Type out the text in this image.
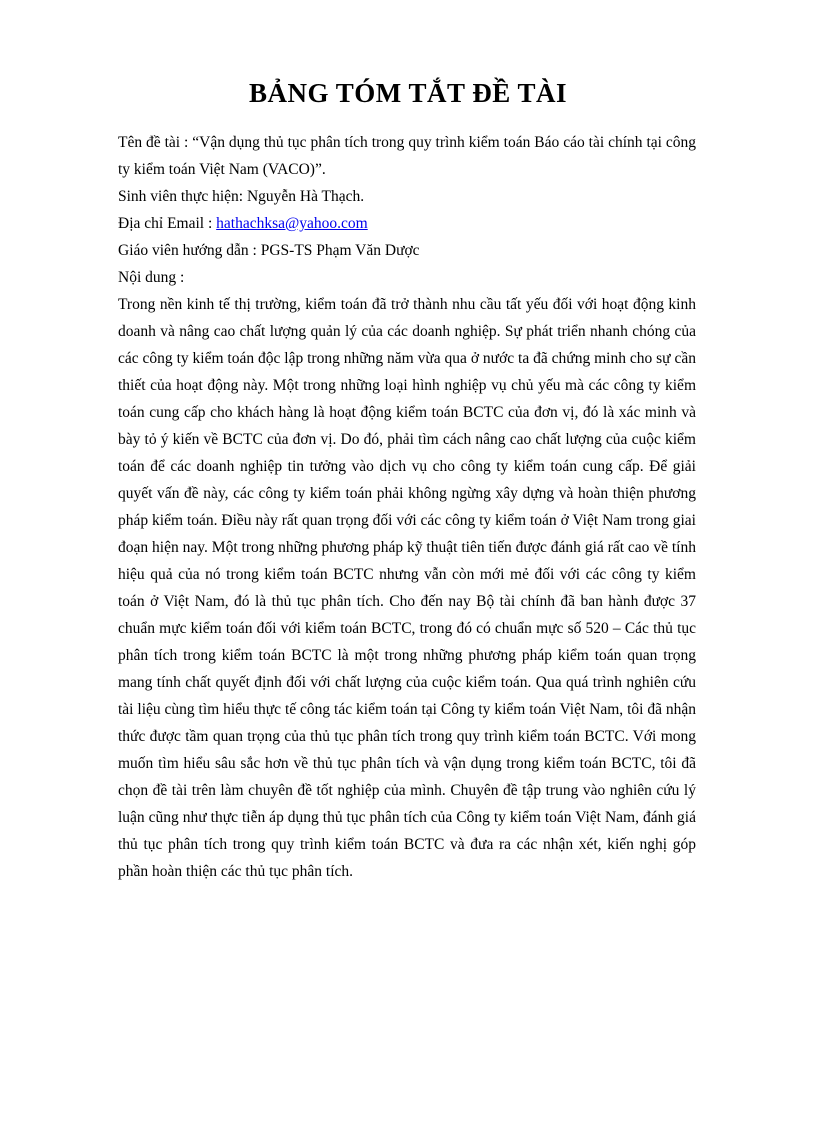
BẢNG TÓM TẮT ĐỀ TÀI

Tên đề tài : “Vận dụng thủ tục phân tích trong quy trình kiểm toán Báo cáo tài chính tại công ty kiểm toán Việt Nam (VACO)”.

Sinh viên thực hiện: Nguyễn Hà Thạch.

Địa chỉ Email : hathachksa@yahoo.com

Giáo viên hướng dẫn : PGS-TS Phạm Văn Dược

Nội dung :

Trong nền kinh tế thị trường, kiểm toán đã trở thành nhu cầu tất yếu đối với hoạt động kinh doanh và nâng cao chất lượng quản lý của các doanh nghiệp. Sự phát triển nhanh chóng của các công ty kiểm toán độc lập trong những năm vừa qua ở nước ta đã chứng minh cho sự cần thiết của hoạt động này. Một trong những loại hình nghiệp vụ chủ yếu mà các công ty kiểm toán cung cấp cho khách hàng là hoạt động kiểm toán BCTC của đơn vị, đó là xác minh và bày tỏ ý kiến về BCTC của đơn vị. Do đó, phải tìm cách nâng cao chất lượng của cuộc kiểm toán để các doanh nghiệp tin tưởng vào dịch vụ cho công ty kiểm toán cung cấp. Để giải quyết vấn đề này, các công ty kiểm toán phải không ngừng xây dựng và hoàn thiện phương pháp kiểm toán. Điều này rất quan trọng đối với các công ty kiểm toán ở Việt Nam trong giai đoạn hiện nay. Một trong những phương pháp kỹ thuật tiên tiến được đánh giá rất cao về tính hiệu quả của nó trong kiểm toán BCTC nhưng vẫn còn mới mẻ đối với các công ty kiểm toán ở Việt Nam, đó là thủ tục phân tích. Cho đến nay Bộ tài chính đã ban hành được 37 chuẩn mực kiểm toán đối với kiểm toán BCTC, trong đó có chuẩn mực số 520 – Các thủ tục phân tích trong kiểm toán BCTC là một trong những phương pháp kiểm toán quan trọng mang tính chất quyết định đối với chất lượng của cuộc kiểm toán. Qua quá trình nghiên cứu tài liệu cùng tìm hiểu thực tế công tác kiểm toán tại Công ty kiểm toán Việt Nam, tôi đã nhận thức được tầm quan trọng của thủ tục phân tích trong quy trình kiểm toán BCTC. Với mong muốn tìm hiểu sâu sắc hơn về thủ tục phân tích và vận dụng trong kiểm toán BCTC, tôi đã chọn đề tài trên làm chuyên đề tốt nghiệp của mình. Chuyên đề tập trung vào nghiên cứu lý luận cũng như thực tiễn áp dụng thủ tục phân tích của Công ty kiểm toán Việt Nam, đánh giá thủ tục phân tích trong quy trình kiểm toán BCTC và đưa ra các nhận xét, kiến nghị góp phần hoàn thiện các thủ tục phân tích.
